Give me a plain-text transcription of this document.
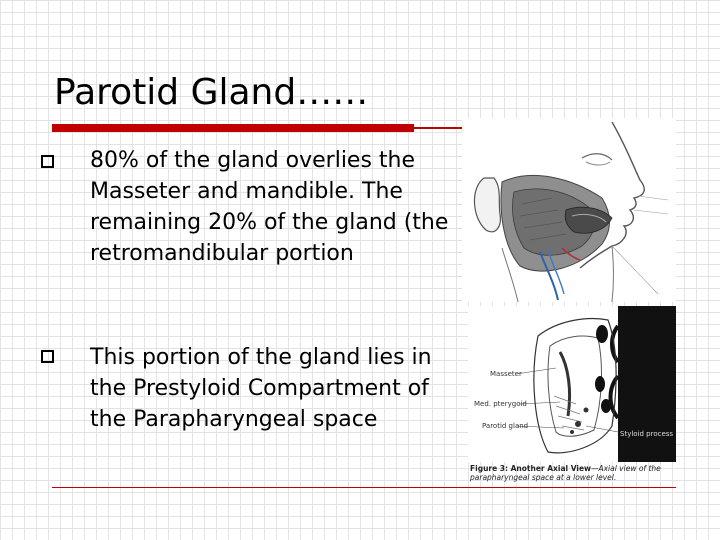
Parotid Gland……
80% of the gland overlies the Masseter and mandible. The remaining 20% of the gland (the retromandibular portion
This portion of the gland lies in the Prestyloid Compartment of the Parapharyngeal space
Masseter
Med. pterygoid
Parotid gland
Styloid process
Figure 3: Another Axial View—Axial view of the parapharyngeal space at a lower level.
